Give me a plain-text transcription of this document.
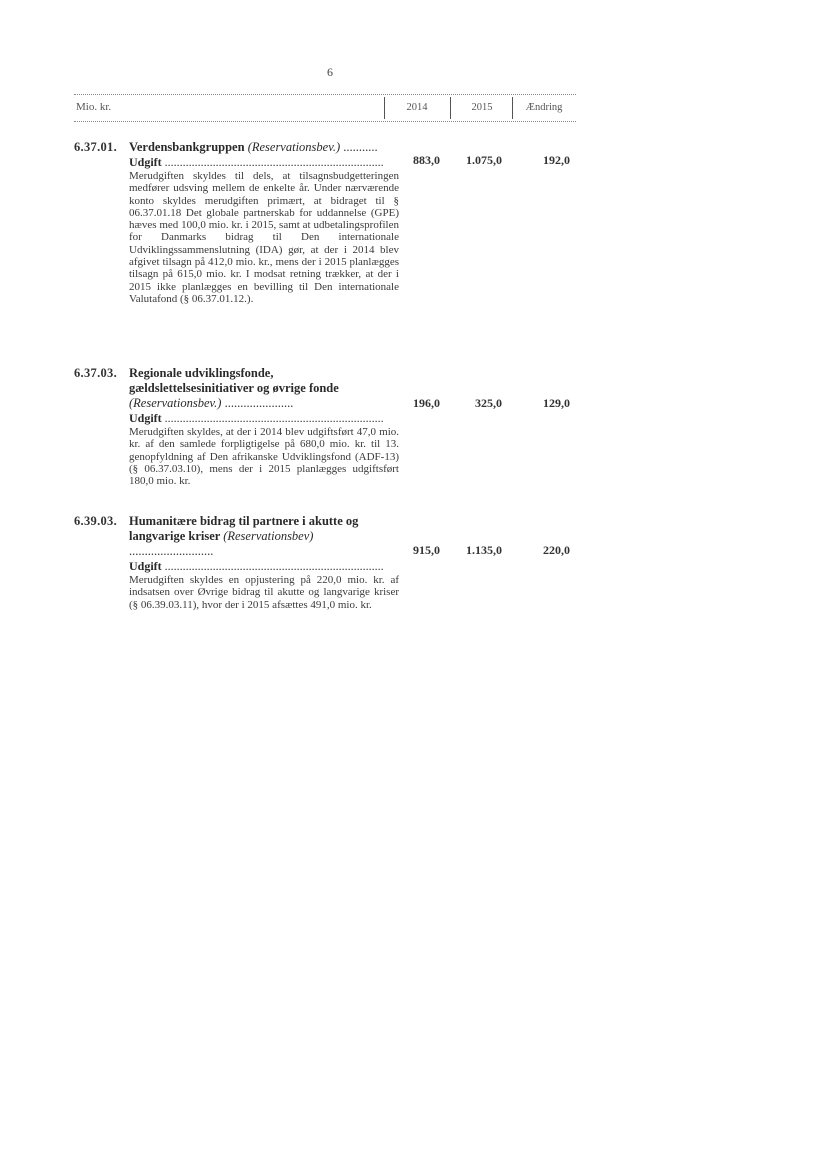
6
Mio. kr.	2014	2015	Ændring
6.37.01. Verdensbankgruppen (Reservationsbev.) ...........
Udgift .....
Merudgiften skyldes til dels, at tilsagnsbudgetteringen medfører udsving mellem de enkelte år. Under nærværende konto skyldes merudgiften primært, at bidraget til § 06.37.01.18 Det globale partnerskab for uddannelse (GPE) hæves med 100,0 mio. kr. i 2015, samt at udbetalingsprofilen for Danmarks bidrag til Den internationale Udviklingssammenslutning (IDA) gør, at der i 2014 blev afgivet tilsagn på 412,0 mio. kr., mens der i 2015 planlægges tilsagn på 615,0 mio. kr. I modsat retning trækker, at der i 2015 ikke planlægges en bevilling til Den internationale Valutafond (§ 06.37.01.12.).
883,0	1.075,0	192,0
6.37.03. Regionale udviklingsfonde, gældslettelsesinitiativer og øvrige fonde (Reservationsbev.) ......................
Udgift .....
Merudgiften skyldes, at der i 2014 blev udgiftsført 47,0 mio. kr. af den samlede forpligtigelse på 680,0 mio. kr. til 13. genopfyldning af Den afrikanske Udviklingsfond (ADF-13) (§ 06.37.03.10), mens der i 2015 planlægges udgiftsført 180,0 mio. kr.
196,0	325,0	129,0
6.39.03. Humanitære bidrag til partnere i akutte og langvarige kriser (Reservationsbev) ...........................
Udgift .....
Merudgiften skyldes en opjustering på 220,0 mio. kr. af indsatsen over Øvrige bidrag til akutte og langvarige kriser (§ 06.39.03.11), hvor der i 2015 afsættes 491,0 mio. kr.
915,0	1.135,0	220,0
